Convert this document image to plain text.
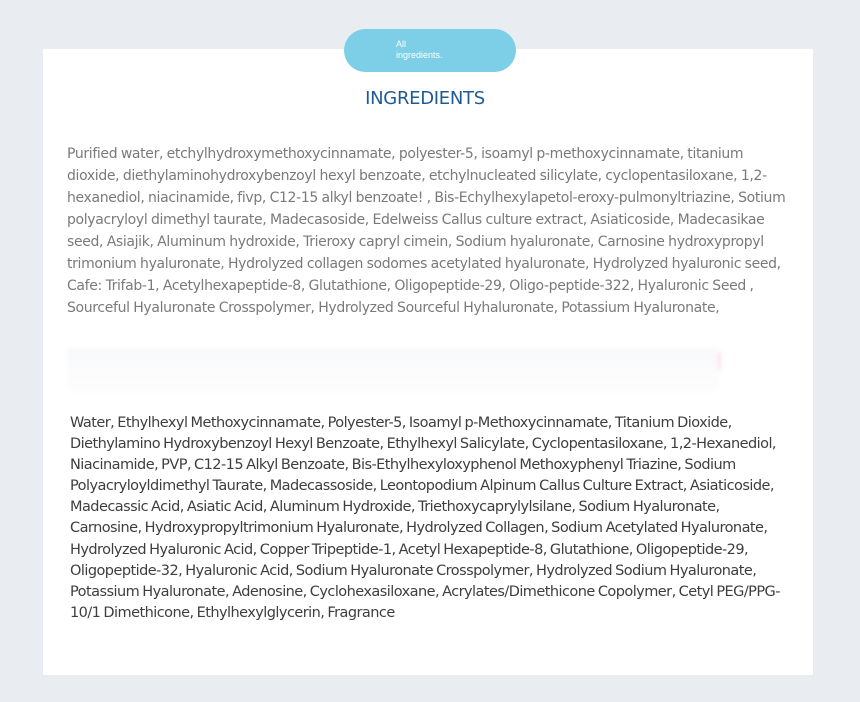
All
ingredients.
INGREDIENTS

Purified water, etchylhydroxymethoxycinnamate, polyester-5, isoamyl p-methoxycinnamate, titanium dioxide, diethylaminohydroxybenzoyl hexyl benzoate, etchylnucleated silicylate, cyclopentasiloxane, 1,2-hexanediol, niacinamide, fivp, C12-15 alkyl benzoate! , Bis-Echylhexylapetol-eroxy-pulmonyltriazine, Sotium polyacryloyl dimethyl taurate, Madecasoside, Edelweiss Callus culture extract, Asiaticoside, Madecasikae seed, Asiajik, Aluminum hydroxide, Trieroxy capryl cimein, Sodium hyaluronate, Carnosine hydroxypropyl trimonium hyaluronate, Hydrolyzed collagen sodomes acetylated hyaluronate, Hydrolyzed hyaluronic seed, Cafe: Trifab-1, Acetylhexapeptide-8, Glutathione, Oligopeptide-29, Oligo-peptide-322, Hyaluronic Seed , Sourceful Hyaluronate Crosspolymer, Hydrolyzed Sourceful Hyhaluronate, Potassium Hyaluronate,

Water, Ethylhexyl Methoxycinnamate, Polyester-5, Isoamyl p-Methoxycinnamate, Titanium Dioxide, Diethylamino Hydroxybenzoyl Hexyl Benzoate, Ethylhexyl Salicylate, Cyclopentasiloxane, 1,2-Hexanediol, Niacinamide, PVP, C12-15 Alkyl Benzoate, Bis-Ethylhexyloxyphenol Methoxyphenyl Triazine, Sodium Polyacryloyldimethyl Taurate, Madecassoside, Leontopodium Alpinum Callus Culture Extract, Asiaticoside, Madecassic Acid, Asiatic Acid, Aluminum Hydroxide, Triethoxycaprylylsilane, Sodium Hyaluronate, Carnosine, Hydroxypropyltrimonium Hyaluronate, Hydrolyzed Collagen, Sodium Acetylated Hyaluronate, Hydrolyzed Hyaluronic Acid, Copper Tripeptide-1, Acetyl Hexapeptide-8, Glutathione, Oligopeptide-29, Oligopeptide-32, Hyaluronic Acid, Sodium Hyaluronate Crosspolymer, Hydrolyzed Sodium Hyaluronate, Potassium Hyaluronate, Adenosine, Cyclohexasiloxane, Acrylates/Dimethicone Copolymer, Cetyl PEG/PPG-10/1 Dimethicone, Ethylhexylglycerin, Fragrance
